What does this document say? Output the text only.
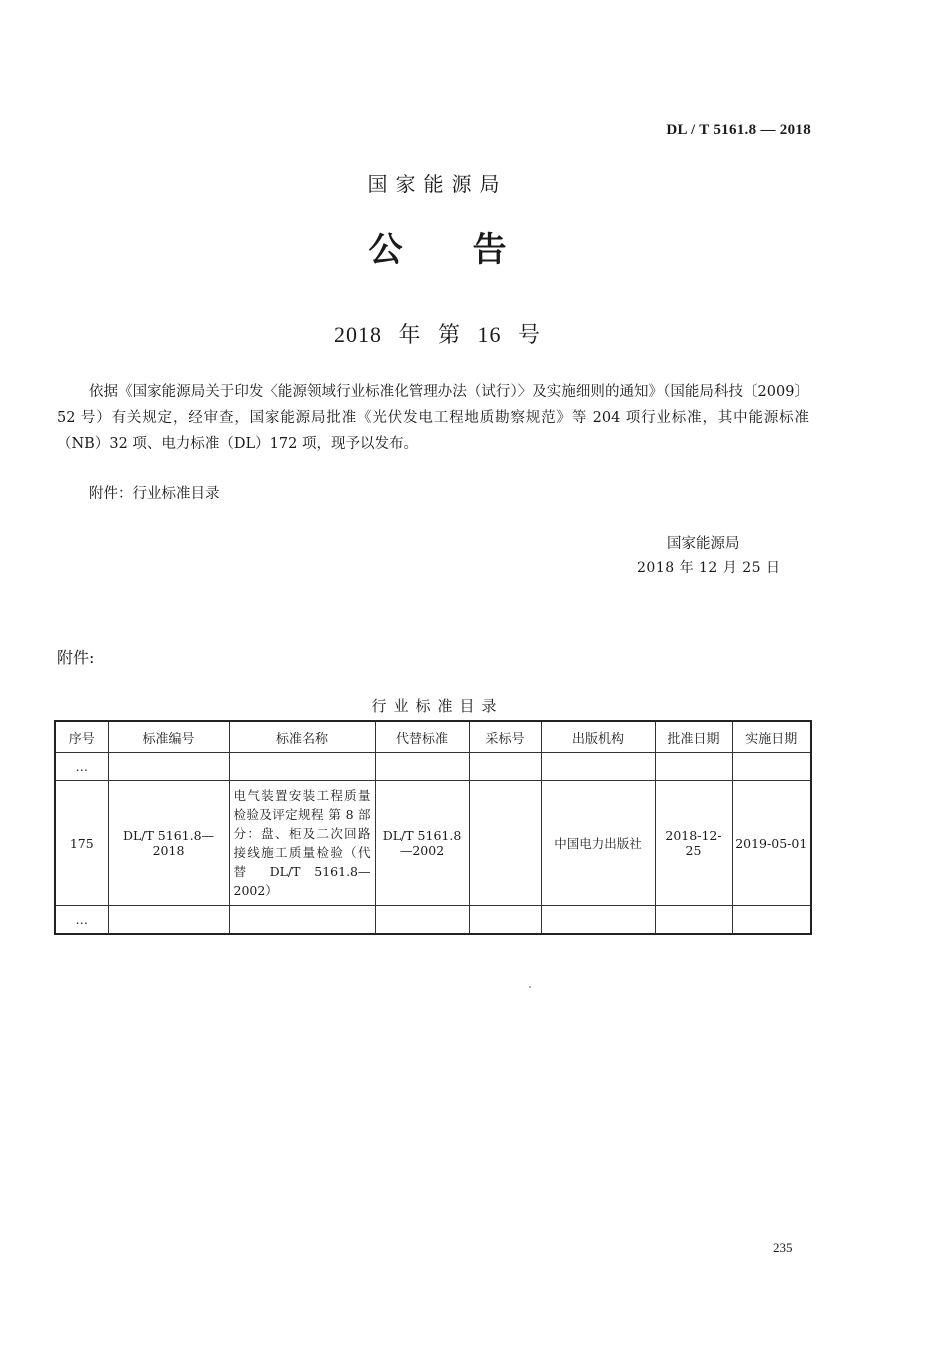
DL / T 5161.8 — 2018
国家能源局
公告
2018 年 第 16 号
依据《国家能源局关于印发〈能源领域行业标准化管理办法（试行）〉及实施细则的通知》（国能局科技〔2009〕52 号）有关规定，经审查，国家能源局批准《光伏发电工程地质勘察规范》等 204 项行业标准，其中能源标准（NB）32 项、电力标准（DL）172 项，现予以发布。
附件：行业标准目录
国家能源局
2018 年 12 月 25 日
附件:
行业标准目录
序号	标准编号	标准名称	代替标准	采标号	出版机构	批准日期	实施日期
…							
175	DL/T 5161.8—2018	电气装置安装工程质量检验及评定规程 第 8 部分：盘、柜及二次回路接线施工质量检验（代替 DL/T 5161.8—2002）	DL/T 5161.8—2002		中国电力出版社	2018-12-25	2019-05-01
…							
235
